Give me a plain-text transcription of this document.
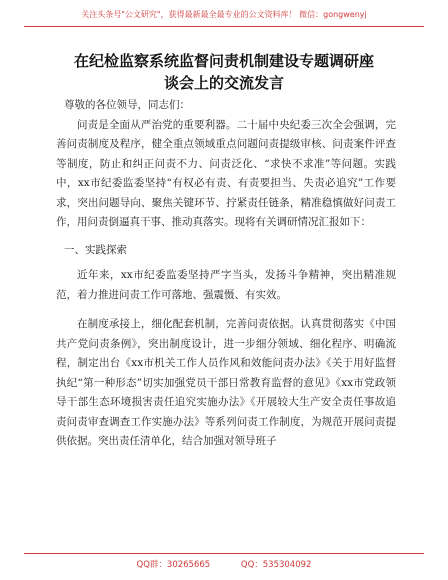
关注头条号"公文研究"，获得最新最全最专业的公文资料库！ 微信：gongwenyj
在纪检监察系统监督问责机制建设专题调研座
谈会上的交流发言

尊敬的各位领导，同志们：

问责是全面从严治党的重要利器。二十届中央纪委三次全会强调，完善问责制度及程序，健全重点领域重点问题问责提级审核、问责案件评查等制度，防止和纠正问责不力、问责泛化、“求快不求准”等问题。实践中，xx市纪委监委坚持“有权必有责、有责要担当、失责必追究”工作要求，突出问题导向、聚焦关键环节、拧紧责任链条，精准稳慎做好问责工作，用问责倒逼真干事、推动真落实。现将有关调研情况汇报如下：

一、实践探索

近年来，xx市纪委监委坚持严字当头，发扬斗争精神，突出精准规范，着力推进问责工作可落地、强震慑、有实效。

在制度承接上，细化配套机制，完善问责依据。认真贯彻落实《中国共产党问责条例》，突出制度设计，进一步细分领域、细化程序、明确流程，制定出台《xx市机关工作人员作风和效能问责办法》《关于用好监督执纪“第一种形态”切实加强党员干部日常教育监督的意见》《xx市党政领导干部生态环境损害责任追究实施办法》《开展较大生产安全责任事故追责问责审查调查工作实施办法》等系列问责工作制度，为规范开展问责提供依据。突出责任清单化，结合加强对领导班子

QQ群：30265665	QQ：535304092
